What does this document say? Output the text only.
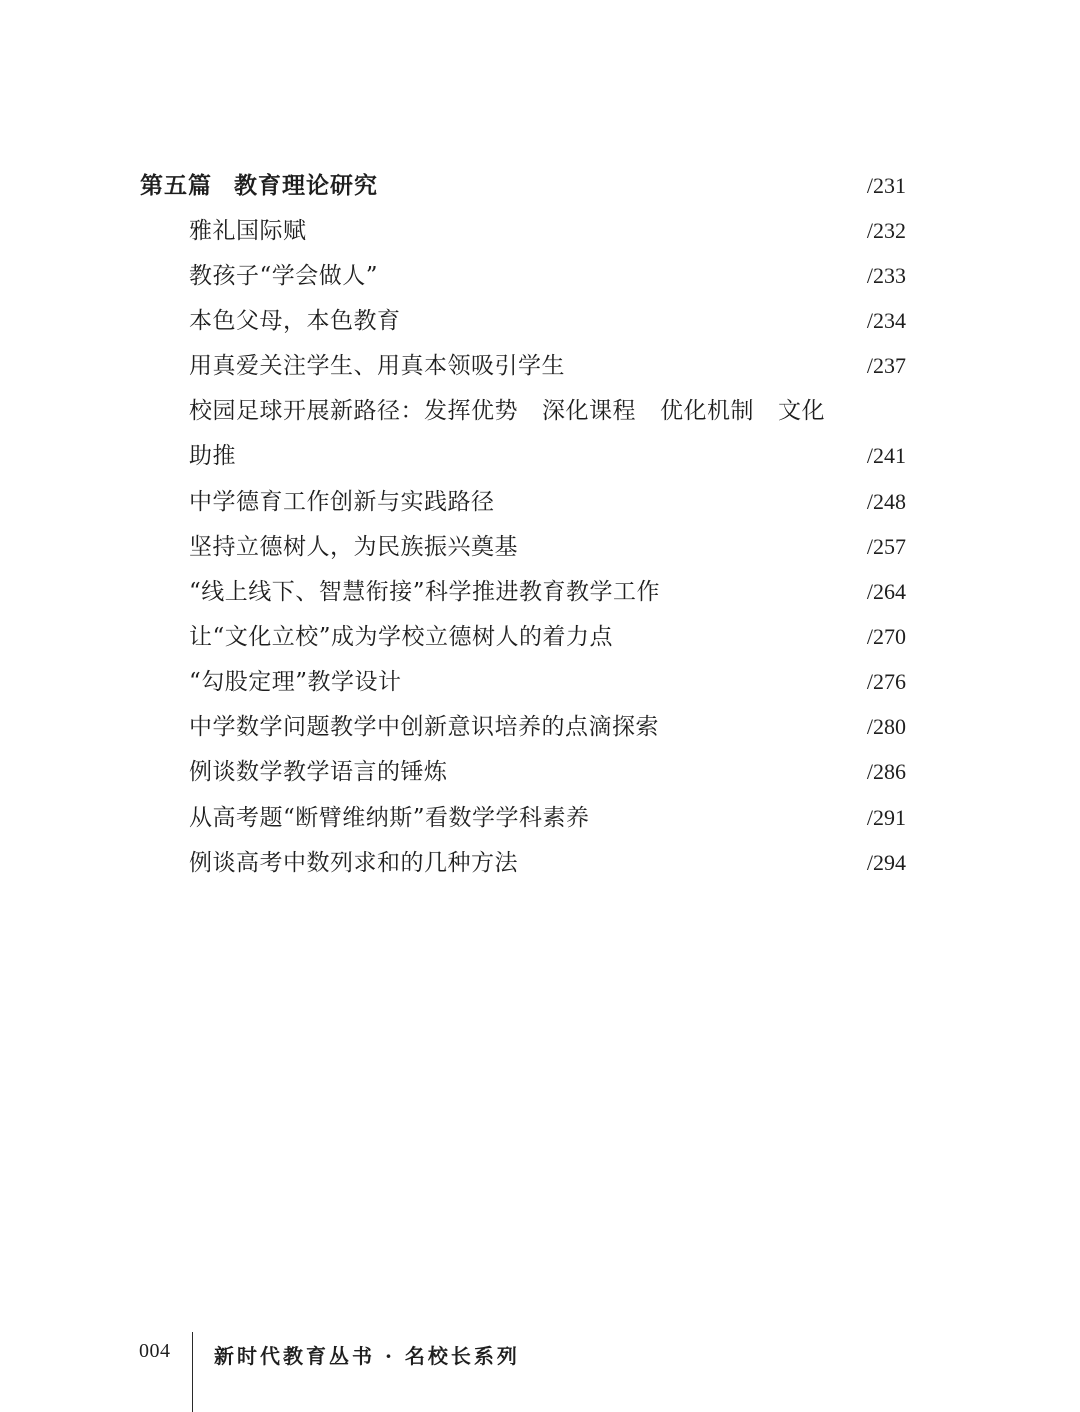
第五篇 教育理论研究	/231
雅礼国际赋	/232
教孩子“学会做人”	/233
本色父母，本色教育	/234
用真爱关注学生、用真本领吸引学生	/237
校园足球开展新路径：发挥优势 深化课程 优化机制 文化
助推	/241
中学德育工作创新与实践路径	/248
坚持立德树人，为民族振兴奠基	/257
“线上线下、智慧衔接”科学推进教育教学工作	/264
让“文化立校”成为学校立德树人的着力点	/270
“勾股定理”教学设计	/276
中学数学问题教学中创新意识培养的点滴探索	/280
例谈数学教学语言的锤炼	/286
从高考题“断臂维纳斯”看数学学科素养	/291
例谈高考中数列求和的几种方法	/294
004 新时代教育丛书 · 名校长系列
